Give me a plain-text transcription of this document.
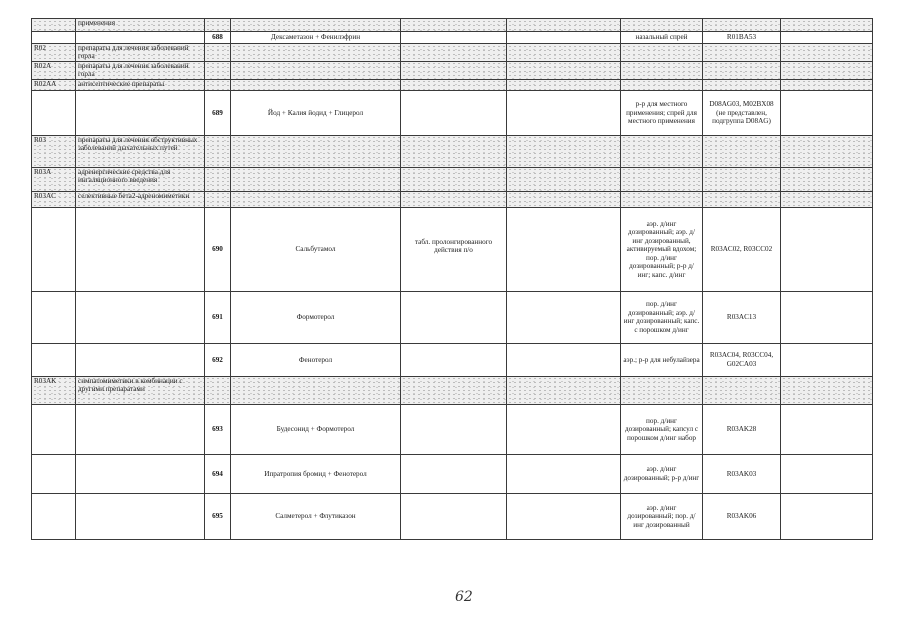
	применения							
		688	Дексаметазон + Фенилэфрин			назальный спрей	R01BA53	
R02	препараты для лечения заболеваний горла							
R02A	препараты для лечения заболеваний горла							
R02AA	антисептические препараты							
		689	Йод + Калия йодид + Глицерол			р-р для местного применения; спрей для местного применения	D08AG03, M02BX08 (не представлен, подгруппа D08AG)	
R03	препараты для лечения обструктивных заболеваний дыхательных путей							
R03A	адренергические средства для ингаляционного введения							
R03AC	селективные бета2-адреномиметики							
		690	Сальбутамол	табл. пролонгированного действия п/о		аэр. д/инг дозированный; аэр. д/инг дозированный, активируемый вдохом; пор. д/инг дозированный; р-р д/инг; капс. д/инг	R03AC02, R03CC02	
		691	Формотерол			пор. д/инг дозированный; аэр. д/инг дозированный; капс. с порошком д/инг	R03AC13	
		692	Фенотерол			аэр.; р-р для небулайзера	R03AC04, R03CC04, G02CA03	
R03AK	симпатомиметики в комбинации с другими препаратами							
		693	Будесонид + Формотерол			пор. д/инг дозированный; капсул с порошком д/инг набор	R03AK28	
		694	Ипратропия бромид + Фенотерол			аэр. д/инг дозированный; р-р д/инг	R03AK03	
		695	Салметерол + Флутиказон			аэр. д/инг дозированный; пор. д/инг дозированный	R03AK06	
62
